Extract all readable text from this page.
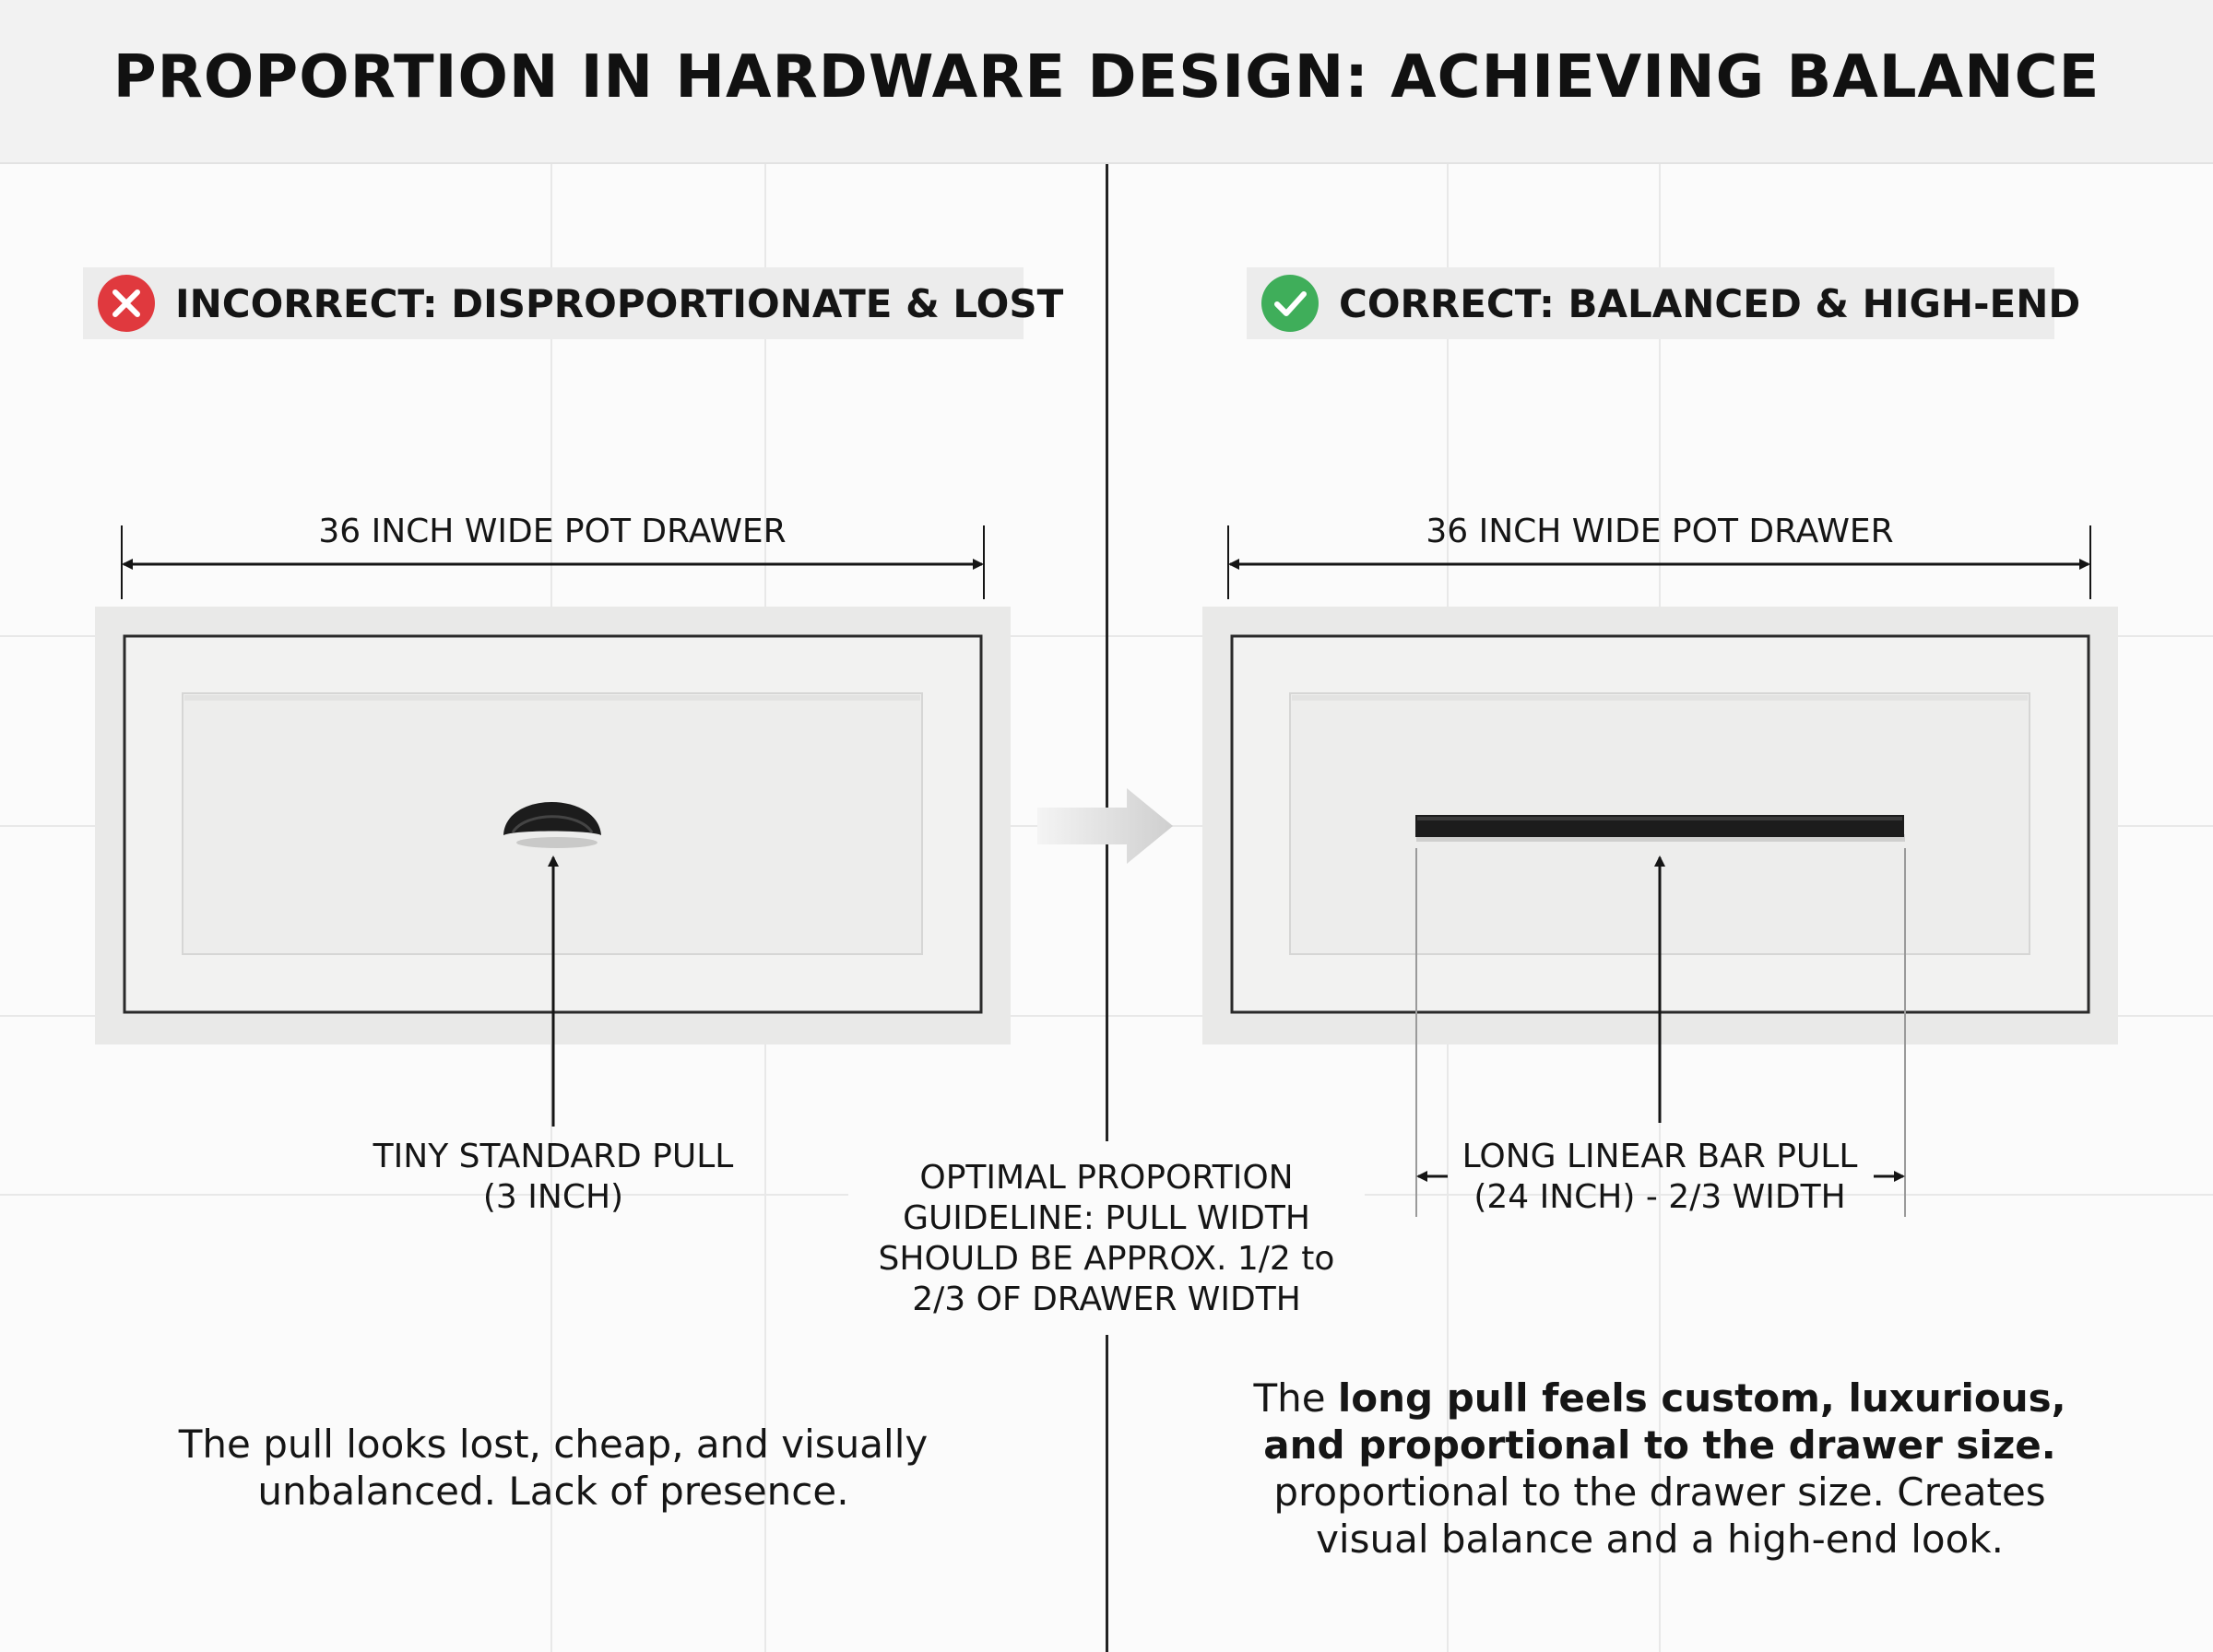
PROPORTION IN HARDWARE DESIGN: ACHIEVING BALANCE
INCORRECT: DISPROPORTIONATE & LOST	CORRECT: BALANCED & HIGH-END
36 INCH WIDE POT DRAWER	36 INCH WIDE POT DRAWER
TINY STANDARD PULL
(3 INCH)
LONG LINEAR BAR PULL
(24 INCH) - 2/3 WIDTH
OPTIMAL PROPORTION
GUIDELINE: PULL WIDTH
SHOULD BE APPROX. 1/2 to
2/3 OF DRAWER WIDTH
The pull looks lost, cheap, and visually
unbalanced. Lack of presence.
The long pull feels custom, luxurious,
and proportional to the drawer size.
proportional to the drawer size. Creates
visual balance and a high-end look.
